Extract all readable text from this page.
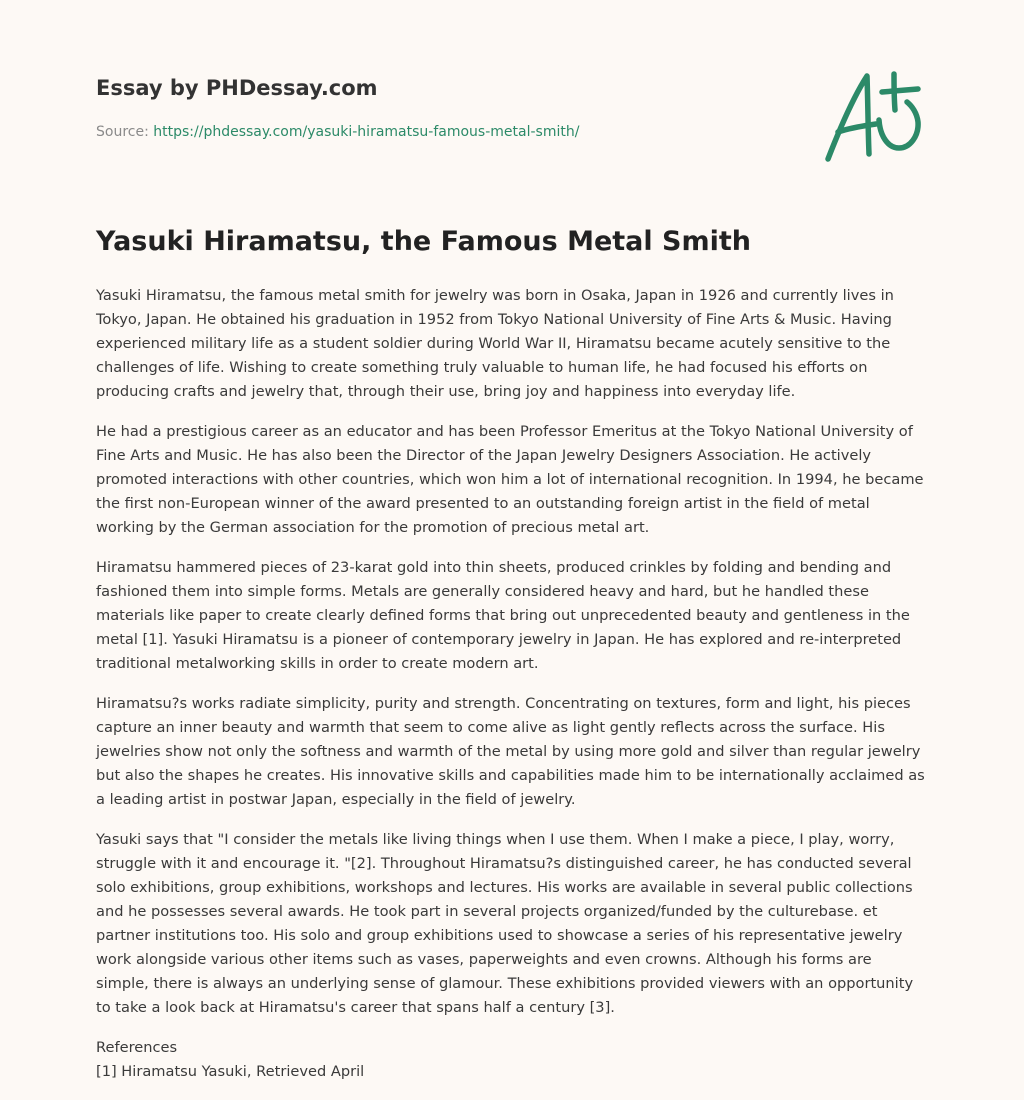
Essay by PHDessay.com
Source: https://phdessay.com/yasuki-hiramatsu-famous-metal-smith/
Yasuki Hiramatsu, the Famous Metal Smith

Yasuki Hiramatsu, the famous metal smith for jewelry was born in Osaka, Japan in 1926 and currently lives in Tokyo, Japan. He obtained his graduation in 1952 from Tokyo National University of Fine Arts & Music. Having experienced military life as a student soldier during World War II, Hiramatsu became acutely sensitive to the challenges of life. Wishing to create something truly valuable to human life, he had focused his efforts on producing crafts and jewelry that, through their use, bring joy and happiness into everyday life.

He had a prestigious career as an educator and has been Professor Emeritus at the Tokyo National University of Fine Arts and Music. He has also been the Director of the Japan Jewelry Designers Association. He actively promoted interactions with other countries, which won him a lot of international recognition. In 1994, he became the first non-European winner of the award presented to an outstanding foreign artist in the field of metal working by the German association for the promotion of precious metal art.

Hiramatsu hammered pieces of 23-karat gold into thin sheets, produced crinkles by folding and bending and fashioned them into simple forms. Metals are generally considered heavy and hard, but he handled these materials like paper to create clearly defined forms that bring out unprecedented beauty and gentleness in the metal [1]. Yasuki Hiramatsu is a pioneer of contemporary jewelry in Japan. He has explored and re-interpreted traditional metalworking skills in order to create modern art.

Hiramatsu?s works radiate simplicity, purity and strength. Concentrating on textures, form and light, his pieces capture an inner beauty and warmth that seem to come alive as light gently reflects across the surface. His jewelries show not only the softness and warmth of the metal by using more gold and silver than regular jewelry but also the shapes he creates. His innovative skills and capabilities made him to be internationally acclaimed as a leading artist in postwar Japan, especially in the field of jewelry.

Yasuki says that "I consider the metals like living things when I use them. When I make a piece, I play, worry, struggle with it and encourage it. "[2]. Throughout Hiramatsu?s distinguished career, he has conducted several solo exhibitions, group exhibitions, workshops and lectures. His works are available in several public collections and he possesses several awards. He took part in several projects organized/funded by the culturebase. et partner institutions too. His solo and group exhibitions used to showcase a series of his representative jewelry work alongside various other items such as vases, paperweights and even crowns. Although his forms are simple, there is always an underlying sense of glamour. These exhibitions provided viewers with an opportunity to take a look back at Hiramatsu's career that spans half a century [3].

References
[1] Hiramatsu Yasuki, Retrieved April
